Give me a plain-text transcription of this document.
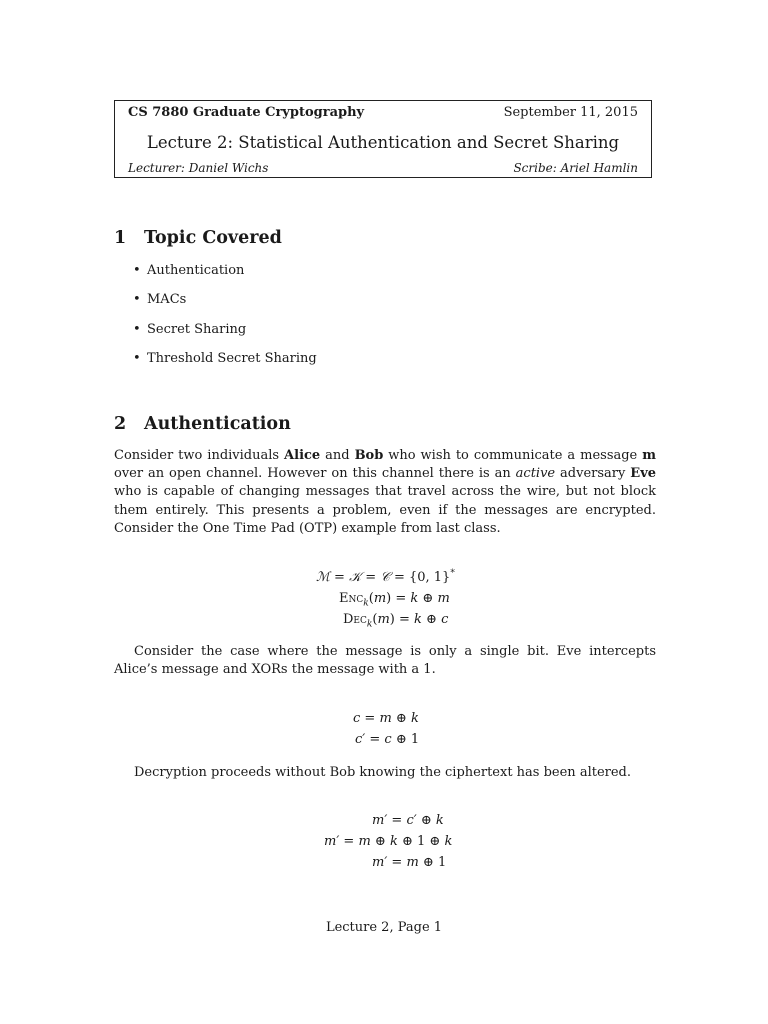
CS 7880 Graduate Cryptography	September 11, 2015
Lecture 2: Statistical Authentication and Secret Sharing
Lecturer: Daniel Wichs	Scribe: Ariel Hamlin
1 Topic Covered
• Authentication
• MACs
• Secret Sharing
• Threshold Secret Sharing
2 Authentication
Consider two individuals Alice and Bob who wish to communicate a message m over an open channel. However on this channel there is an active adversary Eve who is capable of changing messages that travel across the wire, but not block them entirely. This presents a problem, even if the messages are encrypted. Consider the One Time Pad (OTP) example from last class.
ℳ = 𝒦 = 𝒞 = {0, 1}*
Enc$_k$(m) = k ⊕ m
Dec$_k$(m) = k ⊕ c
Consider the case where the message is only a single bit. Eve intercepts Alice’s message and XORs the message with a 1.
c = m ⊕ k
c′ = c ⊕ 1
Decryption proceeds without Bob knowing the ciphertext has been altered.
m′ = c′ ⊕ k
m′ = m ⊕ k ⊕ 1 ⊕ k
m′ = m ⊕ 1
Lecture 2, Page 1
